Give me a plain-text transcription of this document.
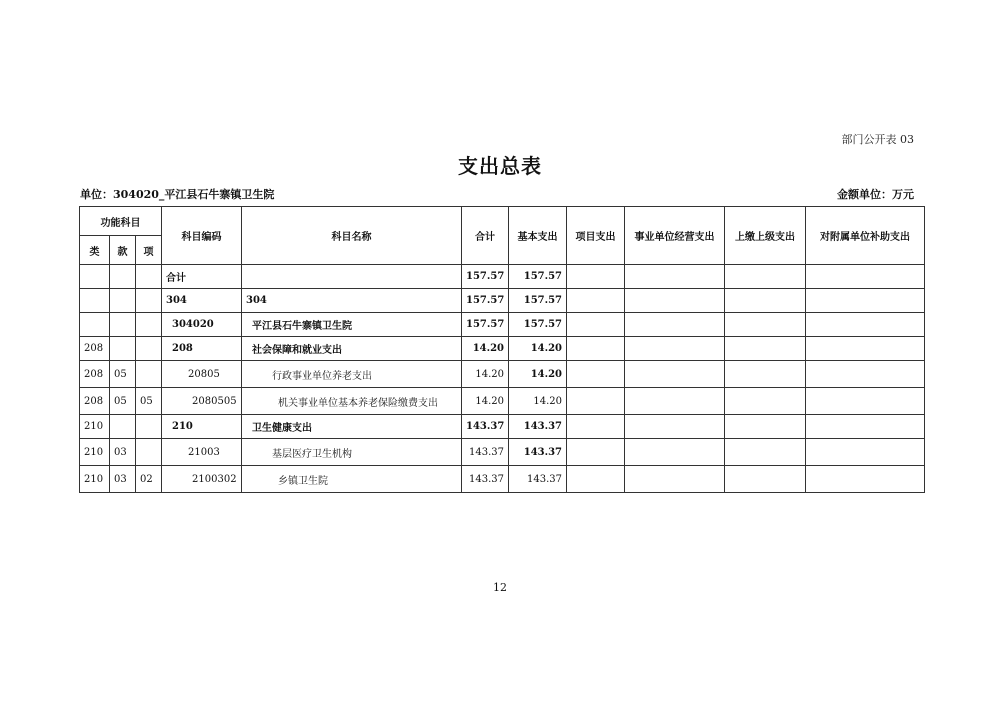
部门公开表 03
支出总表
单位：304020_平江县石牛寨镇卫生院	金额单位：万元
功能科目			科目编码	科目名称	合计	基本支出	项目支出	事业单位经营支出	上缴上级支出	对附属单位补助支出
类	款	项								
			合计		157.57	157.57				
			304	304	157.57	157.57				
			304020	平江县石牛寨镇卫生院	157.57	157.57				
208			208	社会保障和就业支出	14.20	14.20				
208	05		20805	行政事业单位养老支出	14.20	14.20				
208	05	05	2080505	机关事业单位基本养老保险缴费支出	14.20	14.20				
210			210	卫生健康支出	143.37	143.37				
210	03		21003	基层医疗卫生机构	143.37	143.37				
210	03	02	2100302	乡镇卫生院	143.37	143.37				
12
